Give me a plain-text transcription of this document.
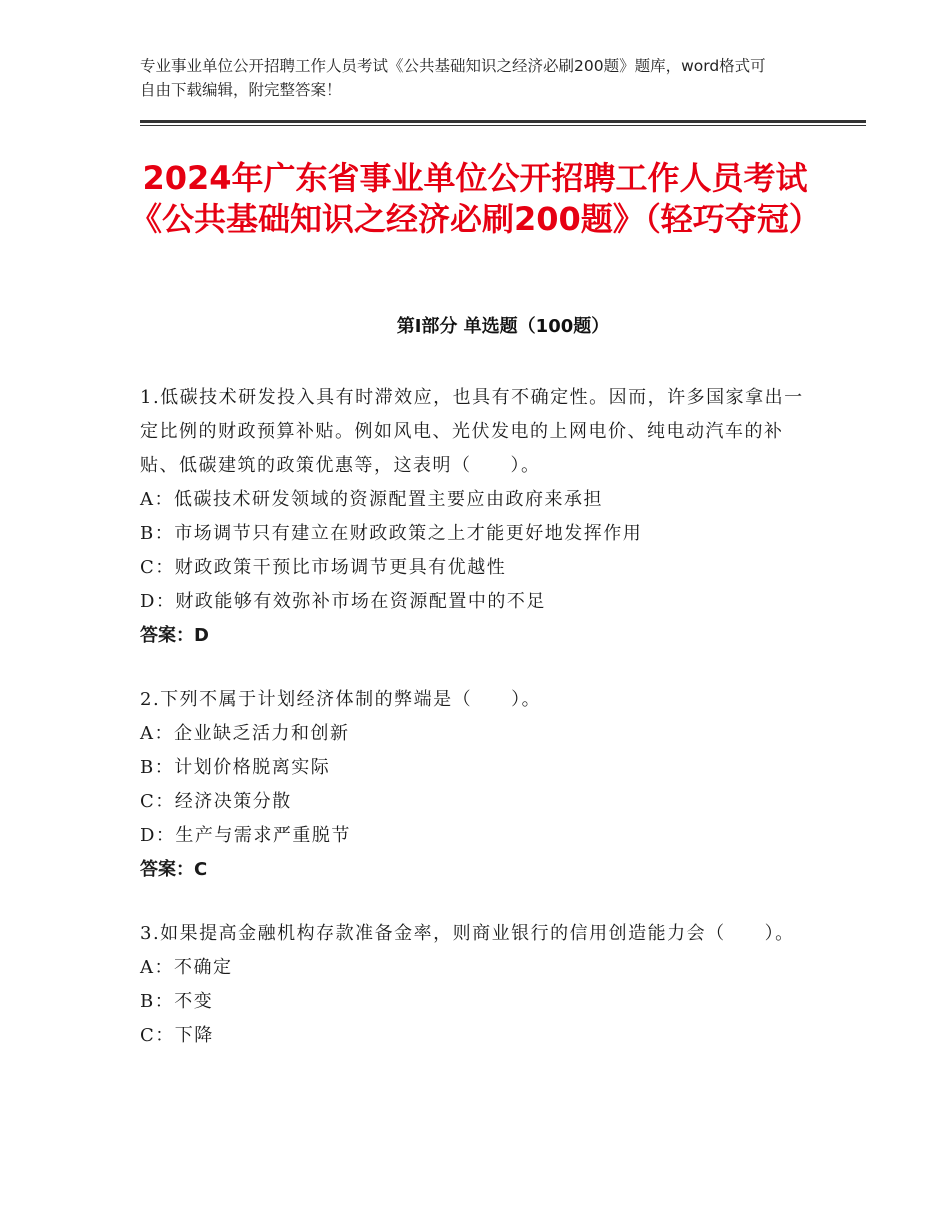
专业事业单位公开招聘工作人员考试《公共基础知识之经济必刷200题》题库，word格式可自由下载编辑，附完整答案！
2024年广东省事业单位公开招聘工作人员考试《公共基础知识之经济必刷200题》（轻巧夺冠）
第Ⅰ部分 单选题（100题）
1.低碳技术研发投入具有时滞效应，也具有不确定性。因而，许多国家拿出一定比例的财政预算补贴。例如风电、光伏发电的上网电价、纯电动汽车的补贴、低碳建筑的政策优惠等，这表明（　　）。
A：低碳技术研发领域的资源配置主要应由政府来承担
B：市场调节只有建立在财政政策之上才能更好地发挥作用
C：财政政策干预比市场调节更具有优越性
D：财政能够有效弥补市场在资源配置中的不足
答案：D
2.下列不属于计划经济体制的弊端是（　　）。
A：企业缺乏活力和创新
B：计划价格脱离实际
C：经济决策分散
D：生产与需求严重脱节
答案：C
3.如果提高金融机构存款准备金率，则商业银行的信用创造能力会（　　）。
A：不确定
B：不变
C：下降
